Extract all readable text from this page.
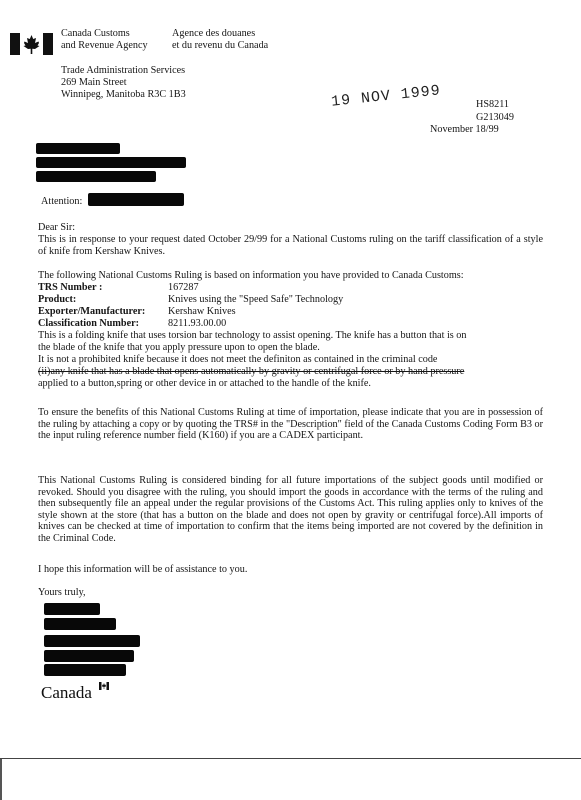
Canada Customs
and Revenue Agency
Agence des douanes
et du revenu du Canada
Trade Administration Services
269 Main Street
Winnipeg, Manitoba R3C 1B3	19 NOV 1999	HS8211
G213049
November 18/99
Attention:
Dear Sir:
This is in response to your request dated October 29/99 for a National Customs ruling on the tariff classification of a style of knife from Kershaw Knives.
The following National Customs Ruling is based on information you have provided to Canada Customs:
TRS Number :	167287
Product:	Knives using the "Speed Safe" Technology
Exporter/Manufacturer: Kershaw Knives
Classification Number:	8211.93.00.00
This is a folding knife that uses torsion bar technology to assist opening. The knife has a button that is on
the blade of the knife that you apply pressure upon to open the blade.
It is not a prohibited knife because it does not meet the definiton as contained in the criminal code
(ii)any knife that has a blade that opens automatically by gravity or centrifugal force or by hand pressure
applied to a button,spring or other device in or attached to the handle of the knife.
To ensure the benefits of this National Customs Ruling at time of importation, please indicate that you are in possession of the ruling by attaching a copy or by quoting the TRS# in the "Description" field of the Canada Customs Coding Form B3 or the input ruling reference number field (K160) if you are a CADEX participant.
This National Customs Ruling is considered binding for all future importations of the subject goods until modified or revoked. Should you disagree with the ruling, you should import the goods in accordance with the terms of the ruling and then subsequently file an appeal under the regular provisions of the Customs Act. This ruling applies only to knives of the style shown at the store (that has a button on the blade and does not open by gravity or centrifugal force).All imports of knives can be checked at time of importation to confirm that the items being imported are not covered by the definition in the Criminal Code.
I hope this information will be of assistance to you.
Yours truly,
Canada
